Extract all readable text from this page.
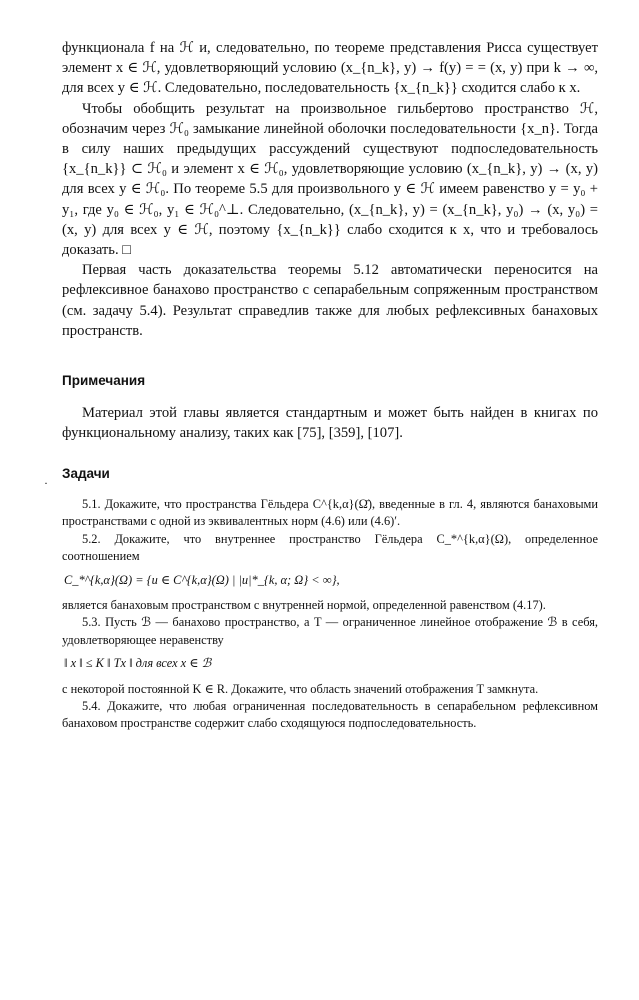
функционала f на ℋ и, следовательно, по теореме представления Рисса существует элемент x ∈ ℋ, удовлетворяющий условию (x_{n_k}, y) → f(y) = = (x, y) при k → ∞, для всех y ∈ ℋ. Следовательно, последовательность {x_{n_k}} сходится слабо к x.

Чтобы обобщить результат на произвольное гильбертово пространство ℋ, обозначим через ℋ₀ замыкание линейной оболочки последовательности {x_n}. Тогда в силу наших предыдущих рассуждений существуют подпоследовательность {x_{n_k}} ⊂ ℋ₀ и элемент x ∈ ℋ₀, удовлетворяющие условию (x_{n_k}, y) → (x, y) для всех y ∈ ℋ₀. По теореме 5.5 для произвольного y ∈ ℋ имеем равенство y = y₀ + y₁, где y₀ ∈ ℋ₀, y₁ ∈ ℋ₀^⊥. Следовательно, (x_{n_k}, y) = (x_{n_k}, y₀) → (x, y₀) = (x, y) для всех y ∈ ℋ, поэтому {x_{n_k}} слабо сходится к x, что и требовалось доказать. □

Первая часть доказательства теоремы 5.12 автоматически переносится на рефлексивное банахово пространство с сепарабельным сопряженным пространством (см. задачу 5.4). Результат справедлив также для любых рефлексивных банаховых пространств.

Примечания

Материал этой главы является стандартным и может быть найден в книгах по функциональному анализу, таких как [75], [359], [107].

·
Задачи

5.1. Докажите, что пространства Гёльдера C^{k,α}(Ω̄), введенные в гл. 4, являются банаховыми пространствами с одной из эквивалентных норм (4.6) или (4.6)′.

5.2. Докажите, что внутреннее пространство Гёльдера C_*^{k,α}(Ω), определенное соотношением

C_*^{k,α}(Ω) = {u ∈ C^{k,α}(Ω) | |u|*_{k, α; Ω} < ∞},

является банаховым пространством с внутренней нормой, определенной равенством (4.17).

5.3. Пусть ℬ — банахово пространство, а T — ограниченное линейное отображение ℬ в себя, удовлетворяющее неравенству

‖ x ‖ ≤ K ‖ Tx ‖ для всех x ∈ ℬ

с некоторой постоянной K ∈ R. Докажите, что область значений отображения T замкнута.

5.4. Докажите, что любая ограниченная последовательность в сепарабельном рефлексивном банаховом пространстве содержит слабо сходящуюся подпоследовательность.
